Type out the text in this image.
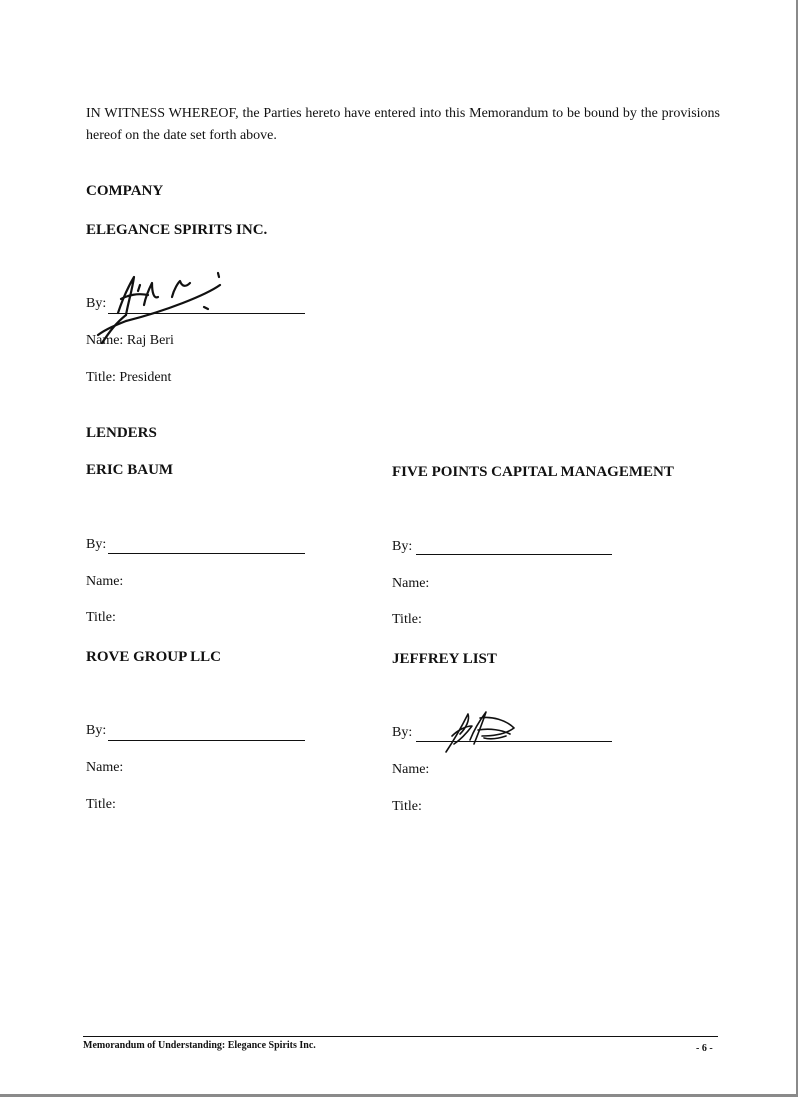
IN WITNESS WHEREOF, the Parties hereto have entered into this Memorandum to be bound by the provisions hereof on the date set forth above.
COMPANY
ELEGANCE SPIRITS INC.
By:
Name: Raj Beri
Title: President
LENDERS
ERIC BAUM
By:
Name:
Title:
FIVE POINTS CAPITAL MANAGEMENT
By:
Name:
Title:
ROVE GROUP LLC
By:
Name:
Title:
JEFFREY LIST
By:
Name:
Title:
Memorandum of Understanding: Elegance Spirits Inc.	- 6 -
